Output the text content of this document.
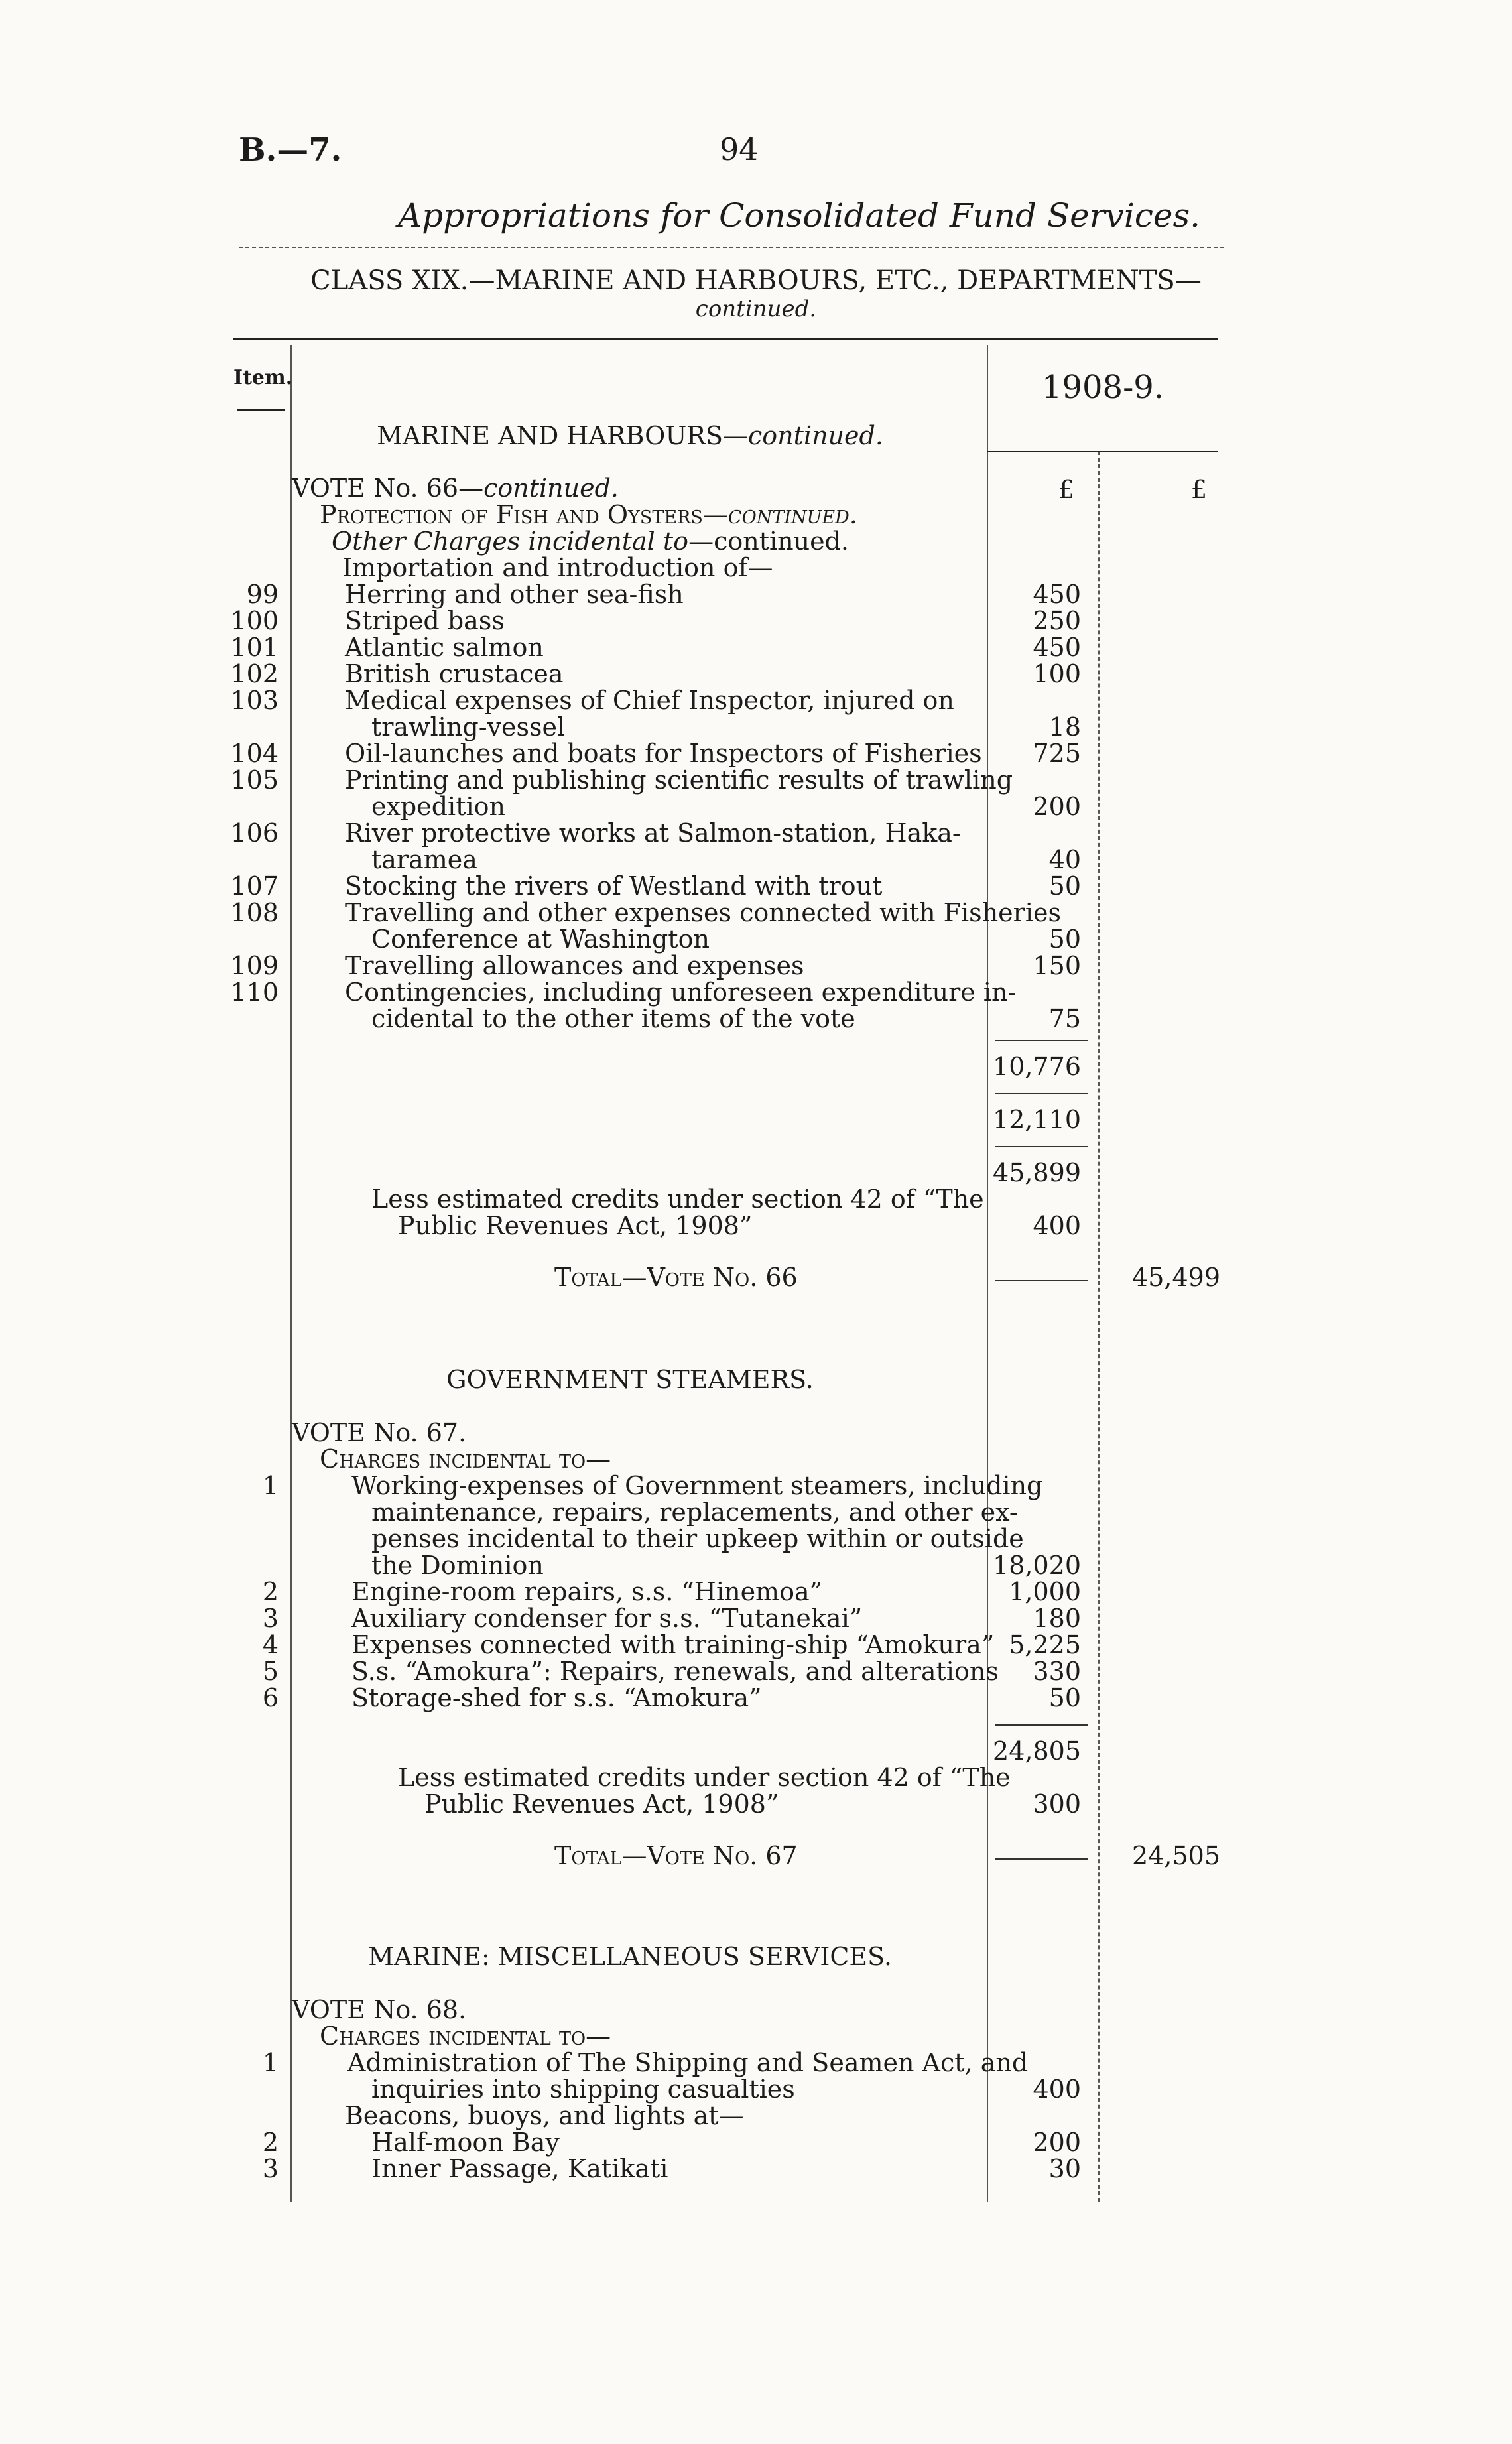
B.—7.	94
Appropriations for Consolidated Fund Services.
CLASS XIX.—MARINE AND HARBOURS, ETC., DEPARTMENTS—
continued.
Item.	1908-9.
£	£
MARINE AND HARBOURS—continued.
VOTE No. 66—continued.
Protection of Fish and Oysters—continued.
Other Charges incidental to—continued.
Importation and introduction of—
99	Herring and other sea-fish	450
100	Striped bass	250
101	Atlantic salmon	450
102	British crustacea	100
103	Medical expenses of Chief Inspector, injured on
trawling-vessel	18
104	Oil-launches and boats for Inspectors of Fisheries	725
105	Printing and publishing scientific results of trawling
expedition	200
106	River protective works at Salmon-station, Haka-
taramea	40
107	Stocking the rivers of Westland with trout	50
108	Travelling and other expenses connected with Fisheries
Conference at Washington	50
109	Travelling allowances and expenses	150
110	Contingencies, including unforeseen expenditure in-
cidental to the other items of the vote	75
10,776
12,110
45,899
Less estimated credits under section 42 of “The
Public Revenues Act, 1908”	400
Total—Vote No. 66	45,499
GOVERNMENT STEAMERS.
VOTE No. 67.
Charges incidental to—
1	Working-expenses of Government steamers, including
maintenance, repairs, replacements, and other ex-
penses incidental to their upkeep within or outside
the Dominion	18,020
2	Engine-room repairs, s.s. “Hinemoa”	1,000
3	Auxiliary condenser for s.s. “Tutanekai”	180
4	Expenses connected with training-ship “Amokura” 5,225
5	S.s. “Amokura”: Repairs, renewals, and alterations	330
6	Storage-shed for s.s. “Amokura”	50
24,805
Less estimated credits under section 42 of “The
Public Revenues Act, 1908”	300
Total—Vote No. 67	24,505
MARINE: MISCELLANEOUS SERVICES.
VOTE No. 68.
Charges incidental to—
1	Administration of The Shipping and Seamen Act, and
inquiries into shipping casualties	400
Beacons, buoys, and lights at—
2	Half-moon Bay	200
3	Inner Passage, Katikati	30
